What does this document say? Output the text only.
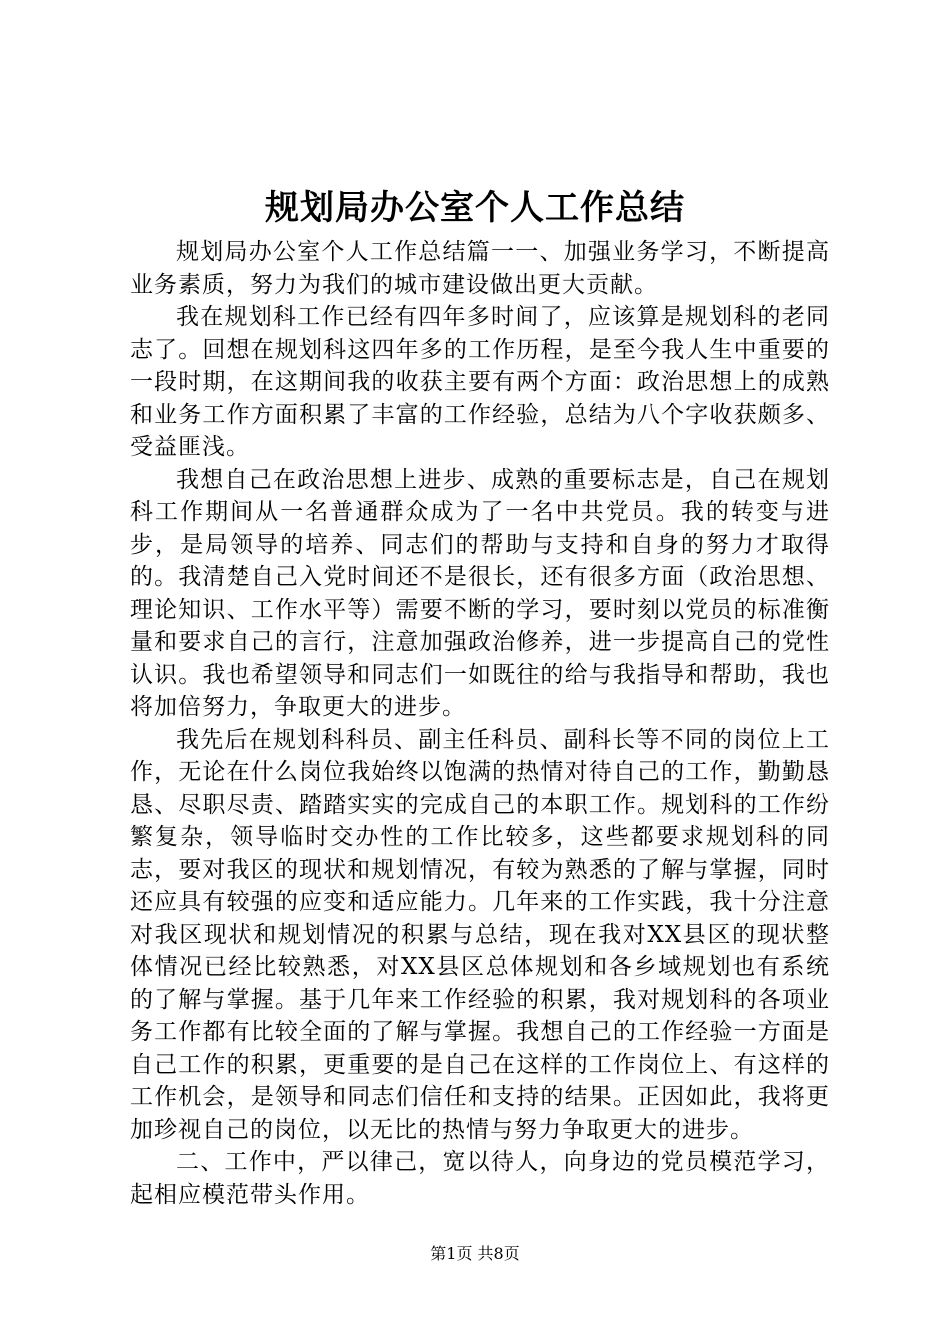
规划局办公室个人工作总结

规划局办公室个人工作总结篇一一、加强业务学习，不断提高业务素质，努力为我们的城市建设做出更大贡献。

我在规划科工作已经有四年多时间了，应该算是规划科的老同志了。回想在规划科这四年多的工作历程，是至今我人生中重要的一段时期，在这期间我的收获主要有两个方面：政治思想上的成熟和业务工作方面积累了丰富的工作经验，总结为八个字收获颇多、受益匪浅。

我想自己在政治思想上进步、成熟的重要标志是，自己在规划科工作期间从一名普通群众成为了一名中共党员。我的转变与进步，是局领导的培养、同志们的帮助与支持和自身的努力才取得的。我清楚自己入党时间还不是很长，还有很多方面（政治思想、理论知识、工作水平等）需要不断的学习，要时刻以党员的标准衡量和要求自己的言行，注意加强政治修养，进一步提高自己的党性认识。我也希望领导和同志们一如既往的给与我指导和帮助，我也将加倍努力，争取更大的进步。

我先后在规划科科员、副主任科员、副科长等不同的岗位上工作，无论在什么岗位我始终以饱满的热情对待自己的工作，勤勤恳恳、尽职尽责、踏踏实实的完成自己的本职工作。规划科的工作纷繁复杂，领导临时交办性的工作比较多，这些都要求规划科的同志，要对我区的现状和规划情况，有较为熟悉的了解与掌握，同时还应具有较强的应变和适应能力。几年来的工作实践，我十分注意对我区现状和规划情况的积累与总结，现在我对XX县区的现状整体情况已经比较熟悉，对XX县区总体规划和各乡域规划也有系统的了解与掌握。基于几年来工作经验的积累，我对规划科的各项业务工作都有比较全面的了解与掌握。我想自己的工作经验一方面是自己工作的积累，更重要的是自己在这样的工作岗位上、有这样的工作机会，是领导和同志们信任和支持的结果。正因如此，我将更加珍视自己的岗位，以无比的热情与努力争取更大的进步。

二、工作中，严以律己，宽以待人，向身边的党员模范学习，起相应模范带头作用。

第1页 共8页
